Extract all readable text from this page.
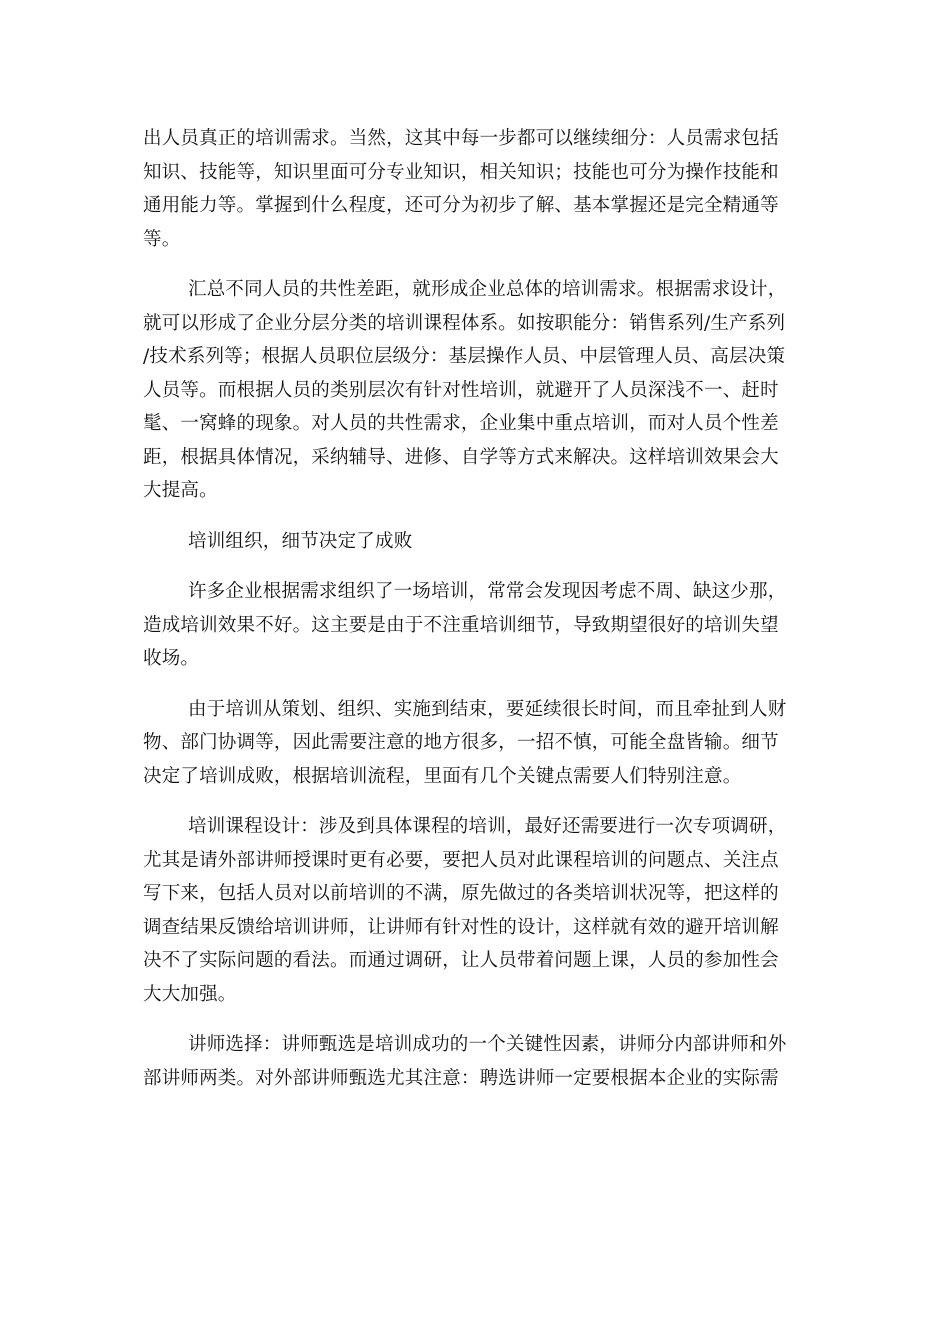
出人员真正的培训需求。当然，这其中每一步都可以继续细分：人员需求包括
知识、技能等，知识里面可分专业知识，相关知识；技能也可分为操作技能和
通用能力等。掌握到什么程度，还可分为初步了解、基本掌握还是完全精通等
等。

汇总不同人员的共性差距，就形成企业总体的培训需求。根据需求设计，
就可以形成了企业分层分类的培训课程体系。如按职能分：销售系列/生产系列
/技术系列等；根据人员职位层级分：基层操作人员、中层管理人员、高层决策
人员等。而根据人员的类别层次有针对性培训，就避开了人员深浅不一、赶时
髦、一窝蜂的现象。对人员的共性需求，企业集中重点培训，而对人员个性差
距，根据具体情况，采纳辅导、进修、自学等方式来解决。这样培训效果会大
大提高。

培训组织，细节决定了成败

许多企业根据需求组织了一场培训，常常会发现因考虑不周、缺这少那，
造成培训效果不好。这主要是由于不注重培训细节，导致期望很好的培训失望
收场。

由于培训从策划、组织、实施到结束，要延续很长时间，而且牵扯到人财
物、部门协调等，因此需要注意的地方很多，一招不慎，可能全盘皆输。细节
决定了培训成败，根据培训流程，里面有几个关键点需要人们特别注意。

培训课程设计：涉及到具体课程的培训，最好还需要进行一次专项调研，
尤其是请外部讲师授课时更有必要，要把人员对此课程培训的问题点、关注点
写下来，包括人员对以前培训的不满，原先做过的各类培训状况等，把这样的
调查结果反馈给培训讲师，让讲师有针对性的设计，这样就有效的避开培训解
决不了实际问题的看法。而通过调研，让人员带着问题上课，人员的参加性会
大大加强。

讲师选择：讲师甄选是培训成功的一个关键性因素，讲师分内部讲师和外
部讲师两类。对外部讲师甄选尤其注意：聘选讲师一定要根据本企业的实际需
